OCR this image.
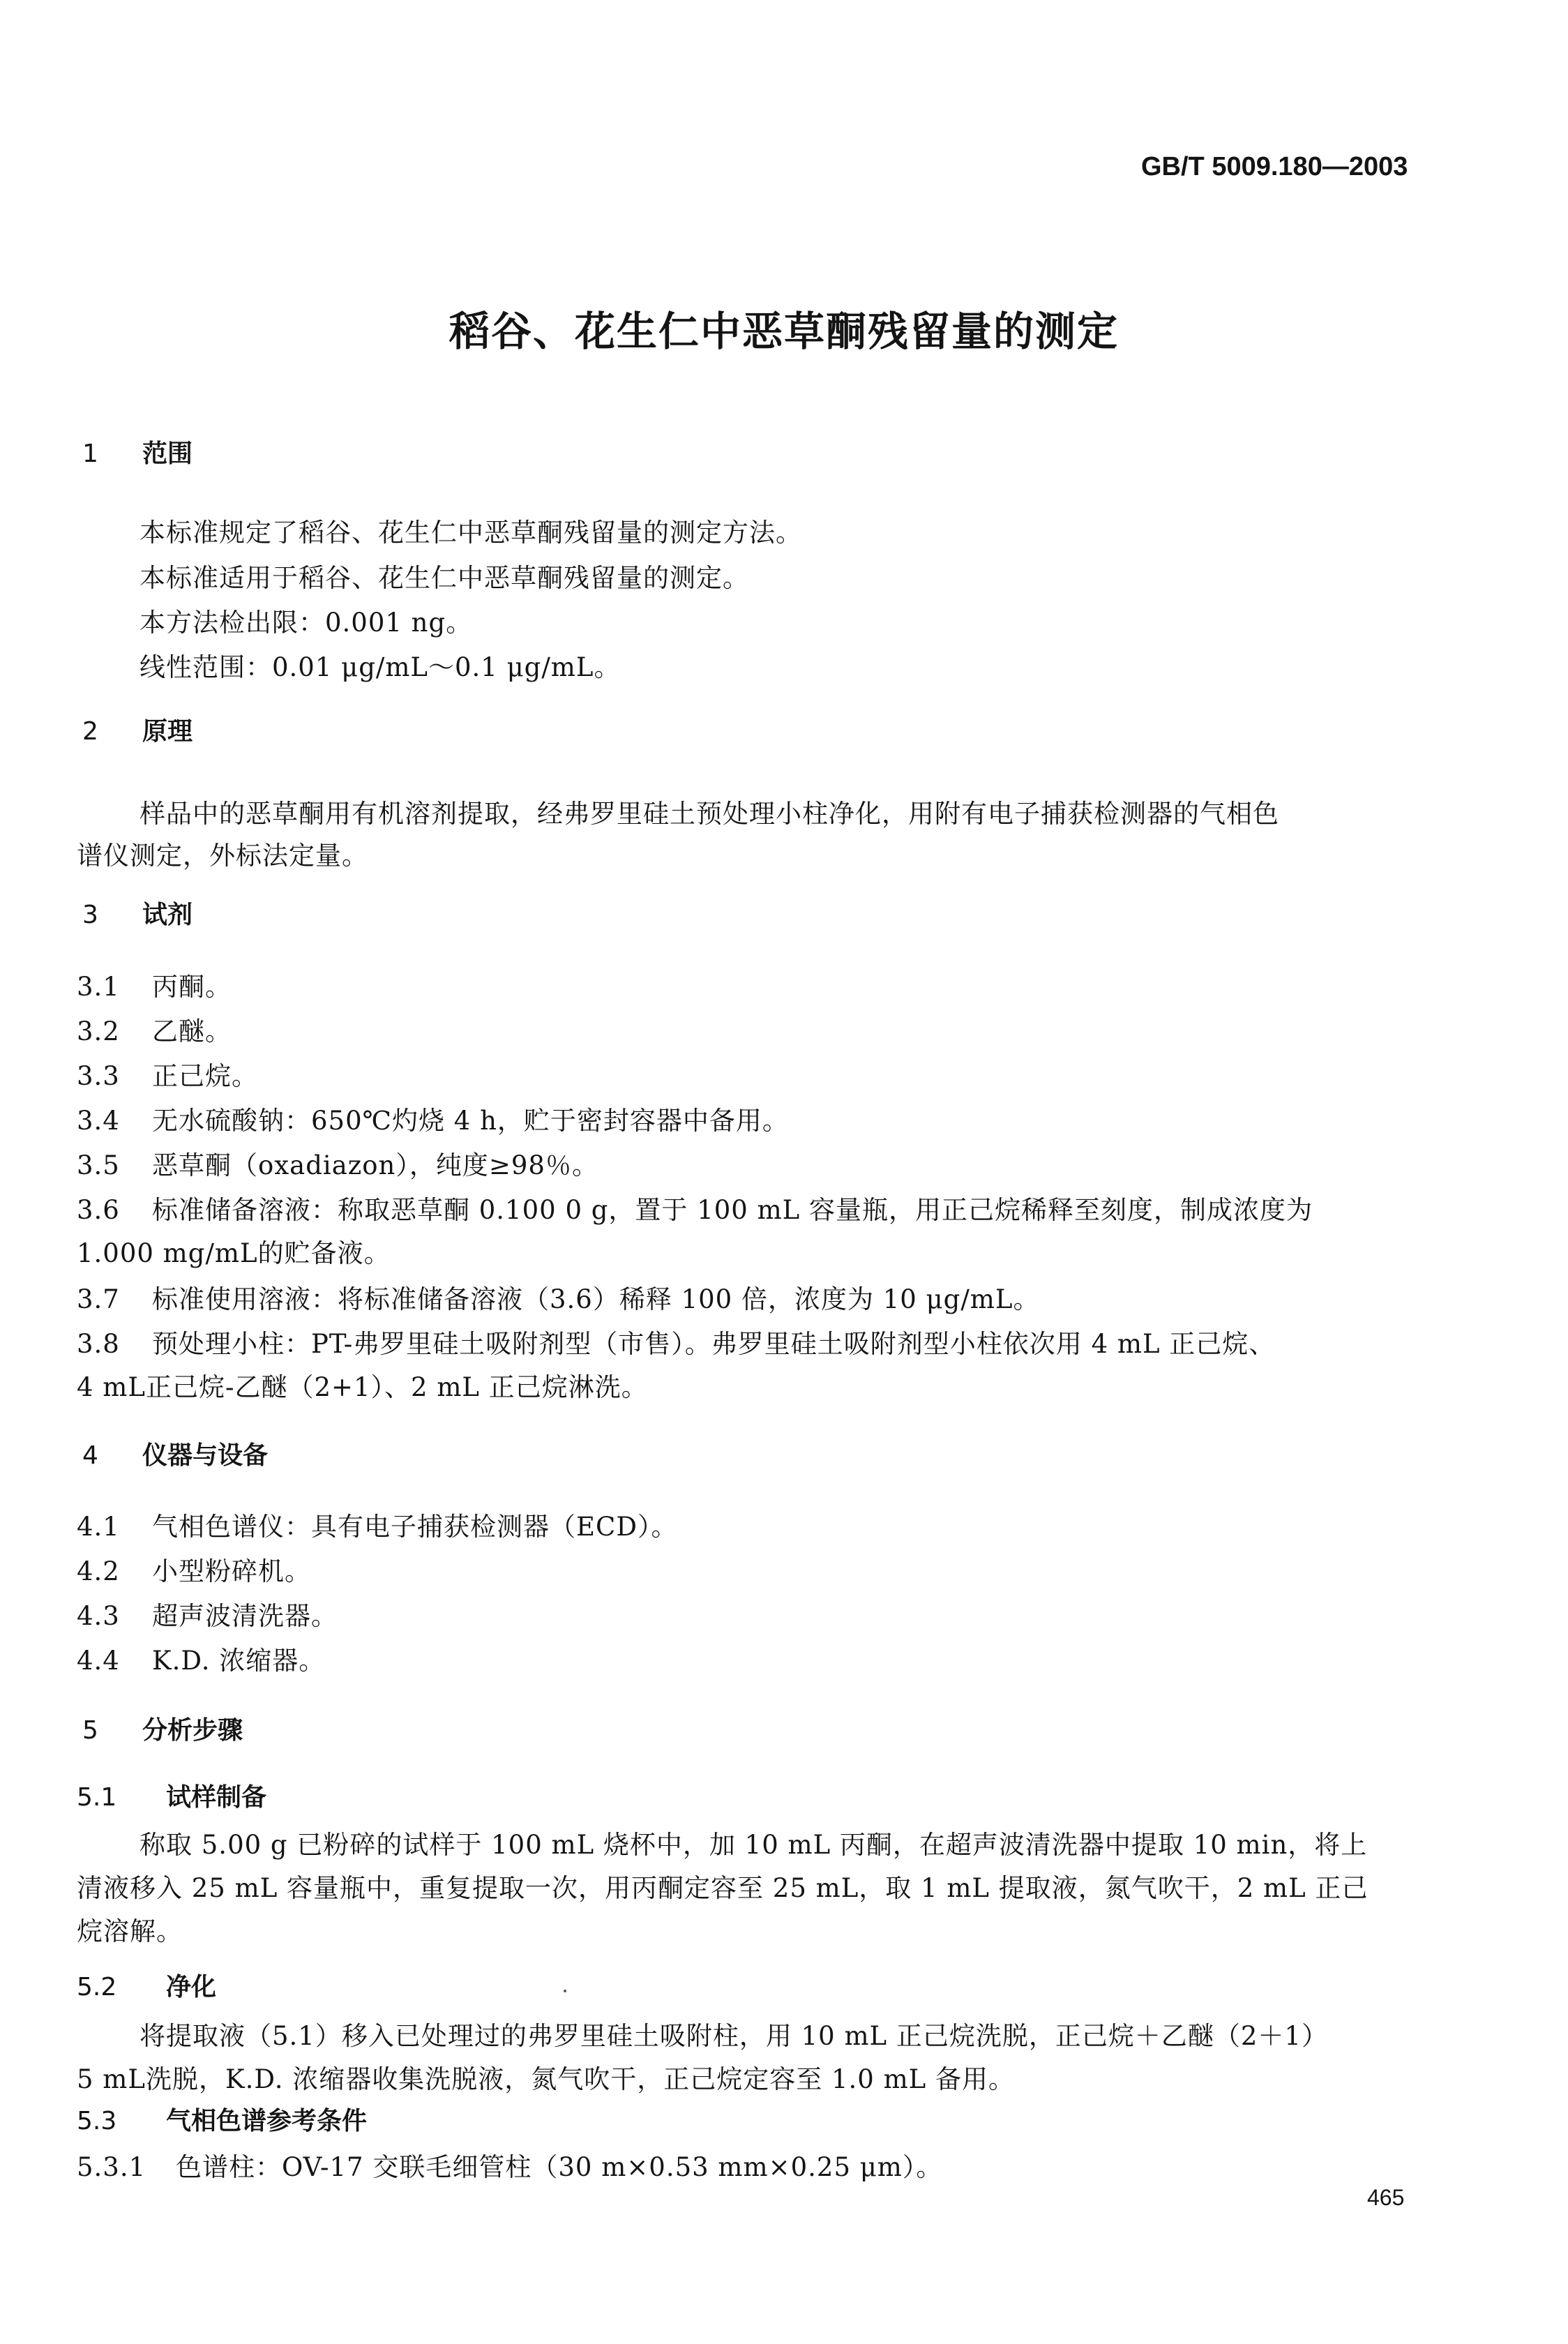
GB/T 5009.180—2003
稻谷、花生仁中恶草酮残留量的测定
1 范围
本标准规定了稻谷、花生仁中恶草酮残留量的测定方法。
本标准适用于稻谷、花生仁中恶草酮残留量的测定。
本方法检出限：0.001 ng。
线性范围：0.01 μg/mL～0.1 μg/mL。
2 原理
样品中的恶草酮用有机溶剂提取，经弗罗里硅土预处理小柱净化，用附有电子捕获检测器的气相色
谱仪测定，外标法定量。
3 试剂
3.1 丙酮。
3.2 乙醚。
3.3 正己烷。
3.4 无水硫酸钠：650℃灼烧 4 h，贮于密封容器中备用。
3.5 恶草酮（oxadiazon），纯度≥98％。
3.6 标准储备溶液：称取恶草酮 0.100 0 g，置于 100 mL 容量瓶，用正己烷稀释至刻度，制成浓度为
1.000 mg/mL的贮备液。
3.7 标准使用溶液：将标准储备溶液（3.6）稀释 100 倍，浓度为 10 μg/mL。
3.8 预处理小柱：PT-弗罗里硅土吸附剂型（市售）。弗罗里硅土吸附剂型小柱依次用 4 mL 正己烷、
4 mL正己烷-乙醚（2+1）、2 mL 正己烷淋洗。
4 仪器与设备
4.1 气相色谱仪：具有电子捕获检测器（ECD）。
4.2 小型粉碎机。
4.3 超声波清洗器。
4.4 K.D. 浓缩器。
5 分析步骤
5.1 试样制备
称取 5.00 g 已粉碎的试样于 100 mL 烧杯中，加 10 mL 丙酮，在超声波清洗器中提取 10 min，将上
清液移入 25 mL 容量瓶中，重复提取一次，用丙酮定容至 25 mL，取 1 mL 提取液，氮气吹干，2 mL 正己
烷溶解。
5.2 净化
将提取液（5.1）移入已处理过的弗罗里硅土吸附柱，用 10 mL 正己烷洗脱，正己烷＋乙醚（2＋1）
5 mL洗脱，K.D. 浓缩器收集洗脱液，氮气吹干，正己烷定容至 1.0 mL 备用。
5.3 气相色谱参考条件
5.3.1 色谱柱：OV-17 交联毛细管柱（30 m×0.53 mm×0.25 μm）。
465
